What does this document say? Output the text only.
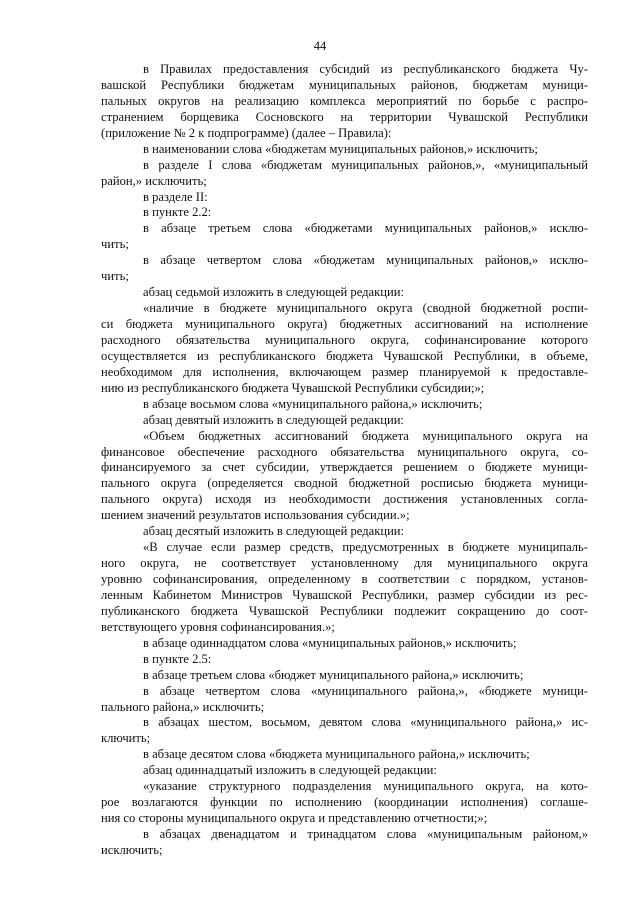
44
в Правилах предоставления субсидий из республиканского бюджета Чу-
вашской Республики бюджетам муниципальных районов, бюджетам муници-
пальных округов на реализацию комплекса мероприятий по борьбе с распро-
странением борщевика Сосновского на территории Чувашской Республики
(приложение № 2 к подпрограмме) (далее – Правила):
в наименовании слова «бюджетам муниципальных районов,» исключить;
в разделе I слова «бюджетам муниципальных районов,», «муниципальный
район,» исключить;
в разделе II:
в пункте 2.2:
в абзаце третьем слова «бюджетами муниципальных районов,» исклю-
чить;
в абзаце четвертом слова «бюджетам муниципальных районов,» исклю-
чить;
абзац седьмой изложить в следующей редакции:
«наличие в бюджете муниципального округа (сводной бюджетной роспи-
си бюджета муниципального округа) бюджетных ассигнований на исполнение
расходного обязательства муниципального округа, софинансирование которого
осуществляется из республиканского бюджета Чувашской Республики, в объеме,
необходимом для исполнения, включающем размер планируемой к предоставле-
нию из республиканского бюджета Чувашской Республики субсидии;»;
в абзаце восьмом слова «муниципального района,» исключить;
абзац девятый изложить в следующей редакции:
«Объем бюджетных ассигнований бюджета муниципального округа на
финансовое обеспечение расходного обязательства муниципального округа, со-
финансируемого за счет субсидии, утверждается решением о бюджете муници-
пального округа (определяется сводной бюджетной росписью бюджета муници-
пального округа) исходя из необходимости достижения установленных согла-
шением значений результатов использования субсидии.»;
абзац десятый изложить в следующей редакции:
«В случае если размер средств, предусмотренных в бюджете муниципаль-
ного округа, не соответствует установленному для муниципального округа
уровню софинансирования, определенному в соответствии с порядком, установ-
ленным Кабинетом Министров Чувашской Республики, размер субсидии из рес-
публиканского бюджета Чувашской Республики подлежит сокращению до соот-
ветствующего уровня софинансирования.»;
в абзаце одиннадцатом слова «муниципальных районов,» исключить;
в пункте 2.5:
в абзаце третьем слова «бюджет муниципального района,» исключить;
в абзаце четвертом слова «муниципального района,», «бюджете муници-
пального района,» исключить;
в абзацах шестом, восьмом, девятом слова «муниципального района,» ис-
ключить;
в абзаце десятом слова «бюджета муниципального района,» исключить;
абзац одиннадцатый изложить в следующей редакции:
«указание структурного подразделения муниципального округа, на кото-
рое возлагаются функции по исполнению (координации исполнения) соглаше-
ния со стороны муниципального округа и представлению отчетности;»;
в абзацах двенадцатом и тринадцатом слова «муниципальным районом,»
исключить;
